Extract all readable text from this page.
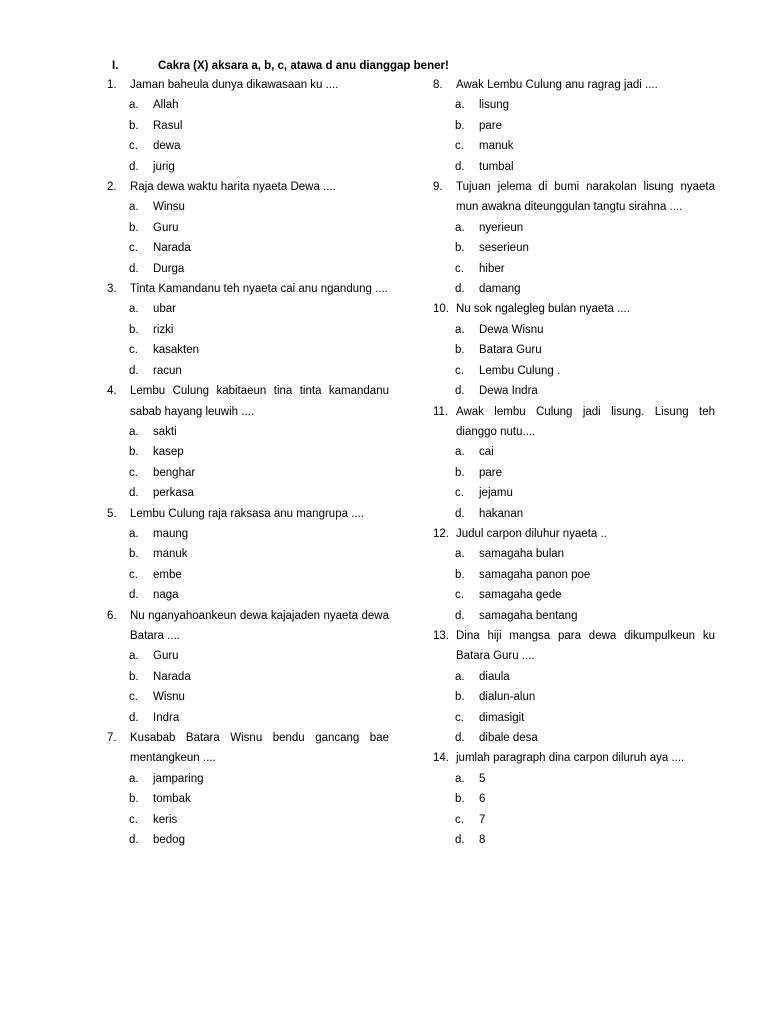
I.	Cakra (X) aksara a, b, c, atawa d anu dianggap bener!
1. Jaman baheula dunya dikawasaan ku ....
a. Allah
b. Rasul
c. dewa
d. jurig
2. Raja dewa waktu harita nyaeta Dewa ....
a. Winsu
b. Guru
c. Narada
d. Durga
3. Tinta Kamandanu teh nyaeta cai anu ngandung ....
a. ubar
b. rizki
c. kasakten
d. racun
4. Lembu Culung kabitaeun tina tinta kamandanu sabab hayang leuwih ....
a. sakti
b. kasep
c. benghar
d. perkasa
5. Lembu Culung raja raksasa anu mangrupa ....
a. maung
b. manuk
c. embe
d. naga
6. Nu nganyahoankeun dewa kajajaden nyaeta dewa Batara ....
a. Guru
b. Narada
c. Wisnu
d. Indra
7. Kusabab Batara Wisnu bendu gancang bae mentangkeun ....
a. jamparing
b. tombak
c. keris
d. bedog
8. Awak Lembu Culung anu ragrag jadi ....
a. lisung
b. pare
c. manuk
d. tumbal
9. Tujuan jelema di bumi narakolan lisung nyaeta mun awakna diteunggulan tangtu sirahna ....
a. nyerieun
b. seserieun
c. hiber
d. damang
10. Nu sok ngalegleg bulan nyaeta ....
a. Dewa Wisnu
b. Batara Guru
c. Lembu Culung .
d. Dewa Indra
11. Awak lembu Culung jadi lisung. Lisung teh dianggo nutu....
a. cai
b. pare
c. jejamu
d. hakanan
12. Judul carpon diluhur nyaeta ..
a. samagaha bulan
b. samagaha panon poe
c. samagaha gede
d. samagaha bentang
13. Dina hiji mangsa para dewa dikumpulkeun ku Batara Guru ....
a. diaula
b. dialun-alun
c. dimasigit
d. dibale desa
14. jumlah paragraph dina carpon diluruh aya ....
a. 5
b. 6
c. 7
d. 8
